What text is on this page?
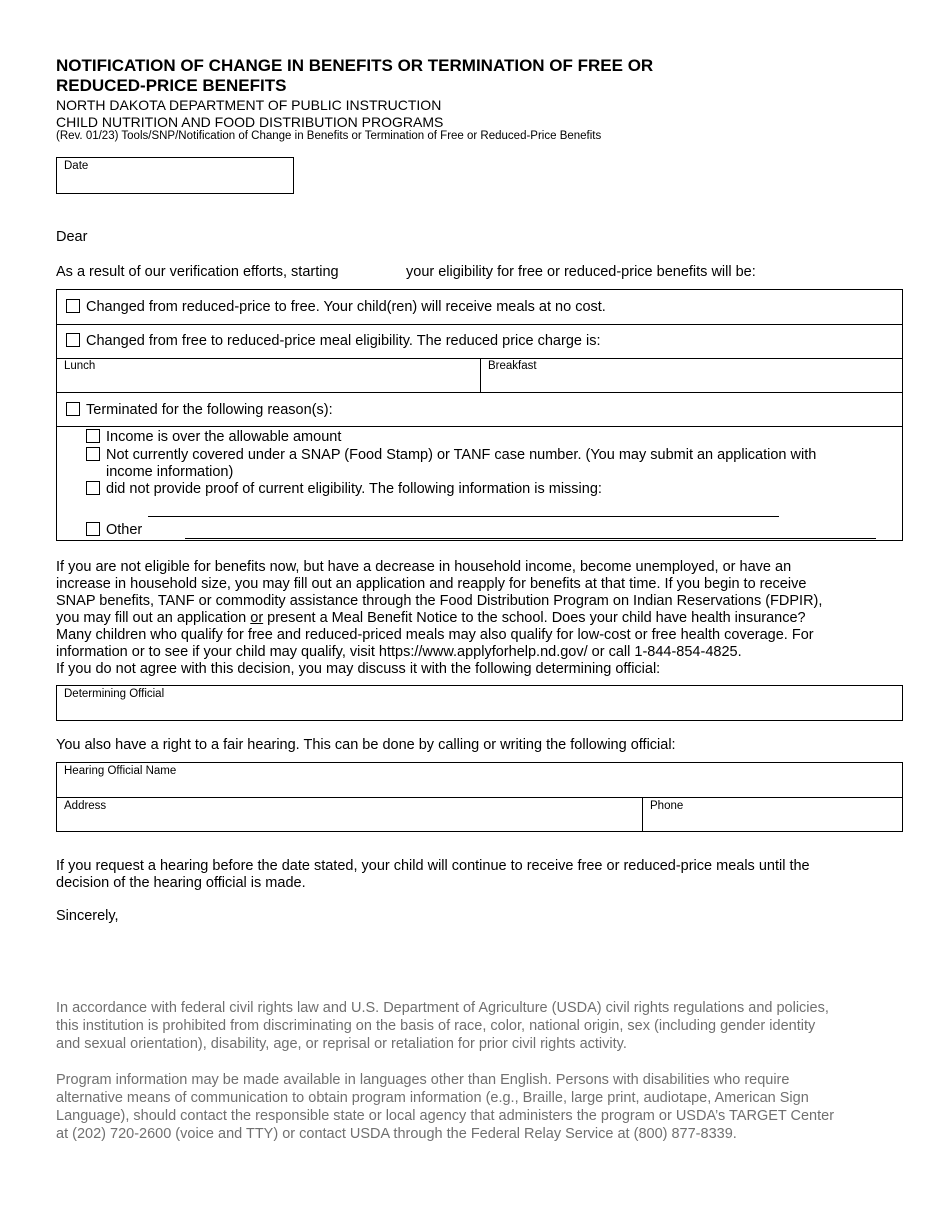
NOTIFICATION OF CHANGE IN BENEFITS OR TERMINATION OF FREE OR
REDUCED-PRICE BENEFITS
NORTH DAKOTA DEPARTMENT OF PUBLIC INSTRUCTION
CHILD NUTRITION AND FOOD DISTRIBUTION PROGRAMS
(Rev. 01/23) Tools/SNP/Notification of Change in Benefits or Termination of Free or Reduced-Price Benefits
Date
Dear
As a result of our verification efforts, starting	your eligibility for free or reduced-price benefits will be:
Changed from reduced-price to free. Your child(ren) will receive meals at no cost.
Changed from free to reduced-price meal eligibility. The reduced price charge is:
Lunch	Breakfast
Terminated for the following reason(s):
Income is over the allowable amount
Not currently covered under a SNAP (Food Stamp) or TANF case number. (You may submit an application with
income information)
did not provide proof of current eligibility. The following information is missing:
Other
If you are not eligible for benefits now, but have a decrease in household income, become unemployed, or have an
increase in household size, you may fill out an application and reapply for benefits at that time. If you begin to receive
SNAP benefits, TANF or commodity assistance through the Food Distribution Program on Indian Reservations (FDPIR),
you may fill out an application or present a Meal Benefit Notice to the school. Does your child have health insurance?
Many children who qualify for free and reduced-priced meals may also qualify for low-cost or free health coverage. For
information or to see if your child may qualify, visit https://www.applyforhelp.nd.gov/ or call 1-844-854-4825.
If you do not agree with this decision, you may discuss it with the following determining official:
Determining Official
You also have a right to a fair hearing. This can be done by calling or writing the following official:
Hearing Official Name
Address	Phone
If you request a hearing before the date stated, your child will continue to receive free or reduced-price meals until the
decision of the hearing official is made.
Sincerely,
In accordance with federal civil rights law and U.S. Department of Agriculture (USDA) civil rights regulations and policies,
this institution is prohibited from discriminating on the basis of race, color, national origin, sex (including gender identity
and sexual orientation), disability, age, or reprisal or retaliation for prior civil rights activity.
Program information may be made available in languages other than English. Persons with disabilities who require
alternative means of communication to obtain program information (e.g., Braille, large print, audiotape, American Sign
Language), should contact the responsible state or local agency that administers the program or USDA’s TARGET Center
at (202) 720-2600 (voice and TTY) or contact USDA through the Federal Relay Service at (800) 877-8339.
